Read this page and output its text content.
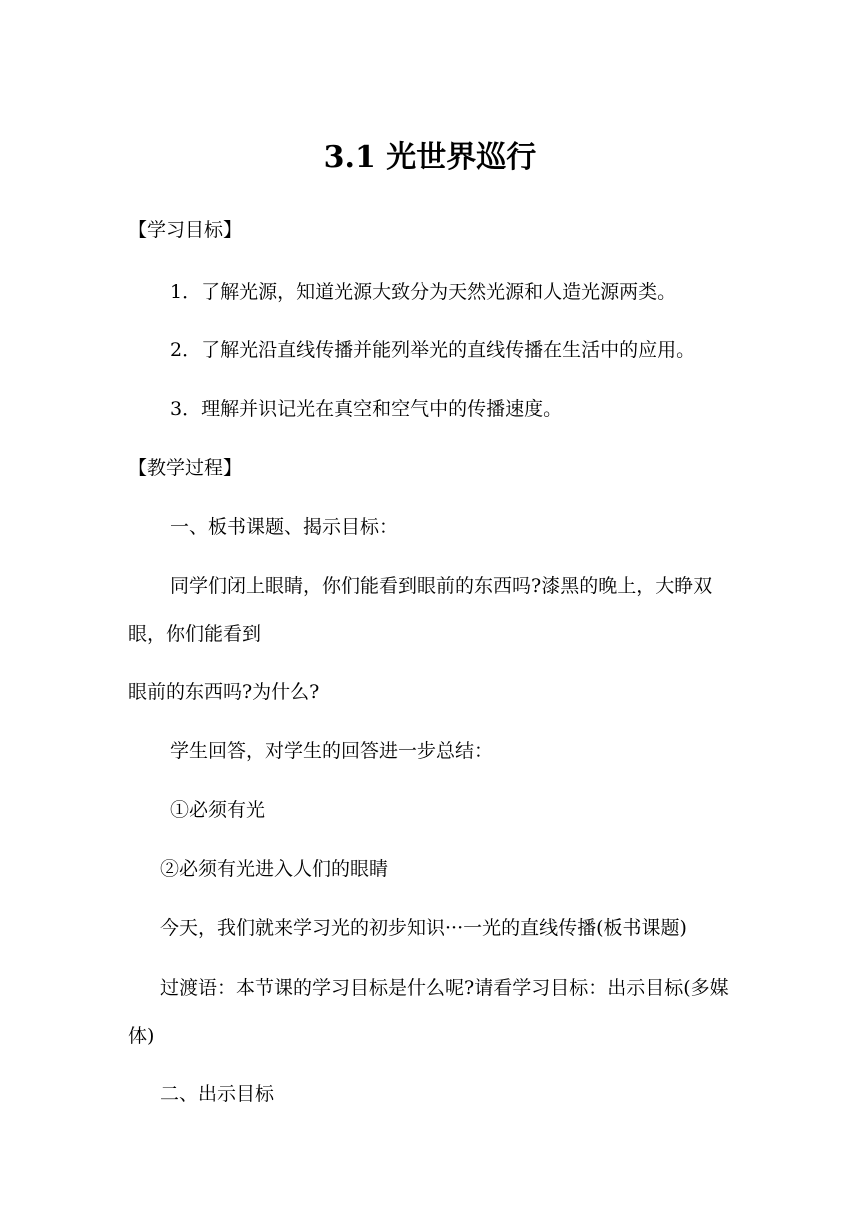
3.1 光世界巡行
【学习目标】
1．了解光源，知道光源大致分为天然光源和人造光源两类。
2．了解光沿直线传播并能列举光的直线传播在生活中的应用。
3．理解并识记光在真空和空气中的传播速度。
【教学过程】
一、板书课题、揭示目标：
同学们闭上眼睛，你们能看到眼前的东西吗?漆黑的晚上，大睁双眼，你们能看到
眼前的东西吗?为什么?
学生回答，对学生的回答进一步总结：
①必须有光
②必须有光进入人们的眼睛
今天，我们就来学习光的初步知识···一光的直线传播(板书课题)
过渡语：本节课的学习目标是什么呢?请看学习目标：出示目标(多媒体)
二、出示目标
